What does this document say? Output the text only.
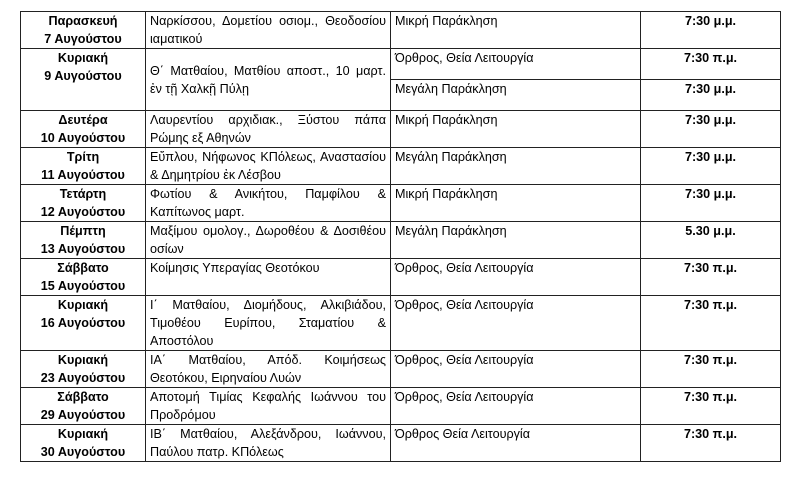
Παρασκευή
7 Αυγούστου	Ναρκίσσου, Δομετίου οσιομ., Θεοδοσίου ιαματικού	Μικρή Παράκληση	7:30 μ.μ.

Κυριακή
9 Αυγούστου	Θ΄ Ματθαίου, Ματθίου αποστ., 10 μαρτ. ἐν τῇ Χαλκῇ Πύλῃ	Όρθρος, Θεία Λειτουργία	7:30 π.μ.
		Μεγάλη Παράκληση	7:30 μ.μ.

Δευτέρα
10 Αυγούστου	Λαυρεντίου αρχιδιακ., Ξύστου πάπα Ρώμης εξ Αθηνών	Μικρή Παράκληση	7:30 μ.μ.

Τρίτη
11 Αυγούστου	Εὔπλου, Νήφωνος ΚΠόλεως, Αναστασίου & Δημητρίου ἐκ Λέσβου	Μεγάλη Παράκληση	7:30 μ.μ.

Τετάρτη
12 Αυγούστου	Φωτίου & Ανικήτου, Παμφίλου & Καπίτωνος μαρτ.	Μικρή Παράκληση	7:30 μ.μ.

Πέμπτη
13 Αυγούστου	Μαξίμου ομολογ., Δωροθέου & Δοσιθέου οσίων	Μεγάλη Παράκληση	5.30 μ.μ.

Σάββατο
15 Αυγούστου	Κοίμησις Υπεραγίας Θεοτόκου	Όρθρος, Θεία Λειτουργία	7:30 π.μ.

Κυριακή
16 Αυγούστου	Ι΄ Ματθαίου, Διομήδους, Αλκιβιάδου, Τιμοθέου Ευρίπου, Σταματίου & Αποστόλου	Όρθρος, Θεία Λειτουργία	7:30 π.μ.

Κυριακή
23 Αυγούστου	ΙΑ΄ Ματθαίου, Απόδ. Κοιμήσεως Θεοτόκου, Ειρηναίου Λυών	Όρθρος, Θεία Λειτουργία	7:30 π.μ.

Σάββατο
29 Αυγούστου	Αποτομή Τιμίας Κεφαλής Ιωάννου του Προδρόμου	Όρθρος, Θεία Λειτουργία	7:30 π.μ.

Κυριακή
30 Αυγούστου	ΙΒ΄ Ματθαίου, Αλεξάνδρου, Ιωάννου, Παύλου πατρ. ΚΠόλεως	Όρθρος Θεία Λειτουργία	7:30 π.μ.
